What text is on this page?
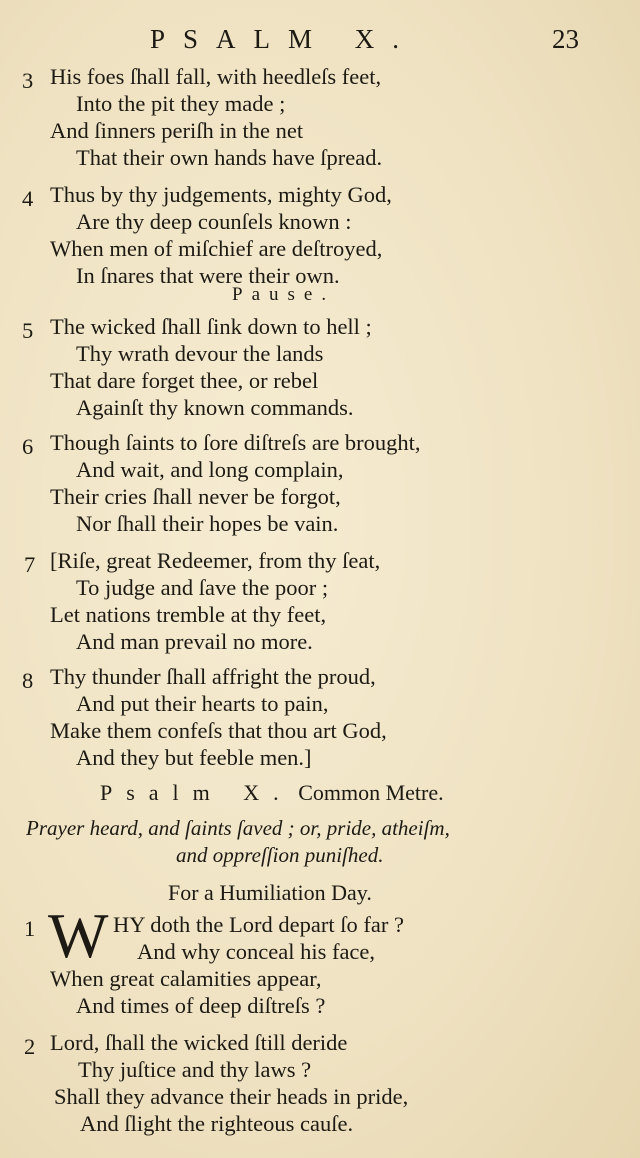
PSALM X.	23
3 His foes ſhall fall, with heedleſs feet,
Into the pit they made ;
And ſinners periſh in the net
That their own hands have ſpread.
4 Thus by thy judgements, mighty God,
Are thy deep counſels known :
When men of miſchief are deſtroyed,
In ſnares that were their own.
Pause.
5 The wicked ſhall ſink down to hell ;
Thy wrath devour the lands
That dare forget thee, or rebel
Againſt thy known commands.
6 Though ſaints to ſore diſtreſs are brought,
And wait, and long complain,
Their cries ſhall never be forgot,
Nor ſhall their hopes be vain.
7 [Riſe, great Redeemer, from thy ſeat,
To judge and ſave the poor ;
Let nations tremble at thy feet,
And man prevail no more.
8 Thy thunder ſhall affright the proud,
And put their hearts to pain,
Make them confeſs that thou art God,
And they but feeble men.]
Psalm X. Common Metre.
Prayer heard, and ſaints ſaved ; or, pride, atheiſm,
and oppreſſion puniſhed.
For a Humiliation Day.
1 W HY doth the Lord depart ſo far ?
And why conceal his face,
When great calamities appear,
And times of deep diſtreſs ?
2 Lord, ſhall the wicked ſtill deride
Thy juſtice and thy laws ?
Shall they advance their heads in pride,
And ſlight the righteous cauſe.
